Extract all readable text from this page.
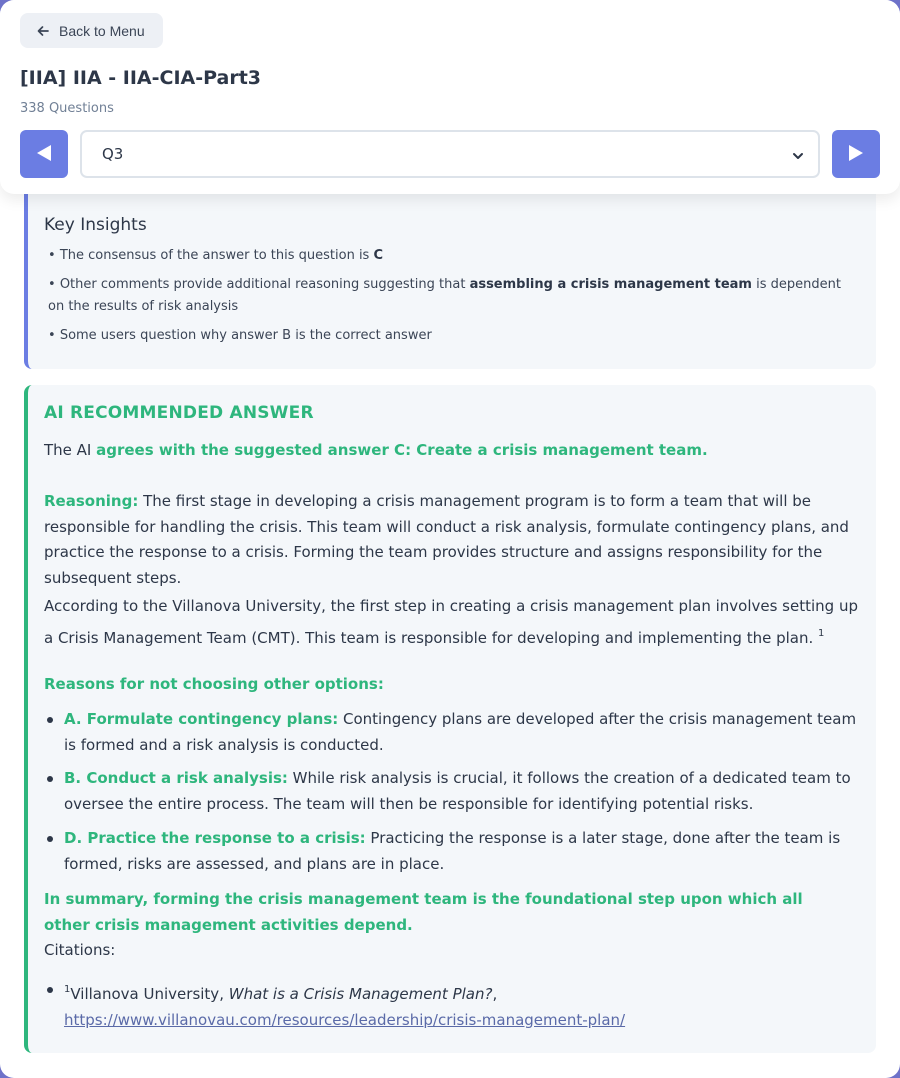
Key Insights
• The consensus of the answer to this question is C
• Other comments provide additional reasoning suggesting that assembling a crisis management team is dependent on the results of risk analysis
• Some users question why answer B is the correct answer
AI RECOMMENDED ANSWER
The AI agrees with the suggested answer C: Create a crisis management team.
Reasoning: The first stage in developing a crisis management program is to form a team that will be responsible for handling the crisis. This team will conduct a risk analysis, formulate contingency plans, and practice the response to a crisis. Forming the team provides structure and assigns responsibility for the subsequent steps.
According to the Villanova University, the first step in creating a crisis management plan involves setting up a Crisis Management Team (CMT). This team is responsible for developing and implementing the plan. $^1$
Reasons for not choosing other options:
A. Formulate contingency plans: Contingency plans are developed after the crisis management team is formed and a risk analysis is conducted.
B. Conduct a risk analysis: While risk analysis is crucial, it follows the creation of a dedicated team to oversee the entire process. The team will then be responsible for identifying potential risks.
D. Practice the response to a crisis: Practicing the response is a later stage, done after the team is formed, risks are assessed, and plans are in place.
In summary, forming the crisis management team is the foundational step upon which all other crisis management activities depend.
Citations:
$^1$Villanova University, What is a Crisis Management Plan?,
https://www.villanovau.com/resources/leadership/crisis-management-plan/
Back to Menu
[IIA] IIA - IIA-CIA-Part3
338 Questions
Q3
